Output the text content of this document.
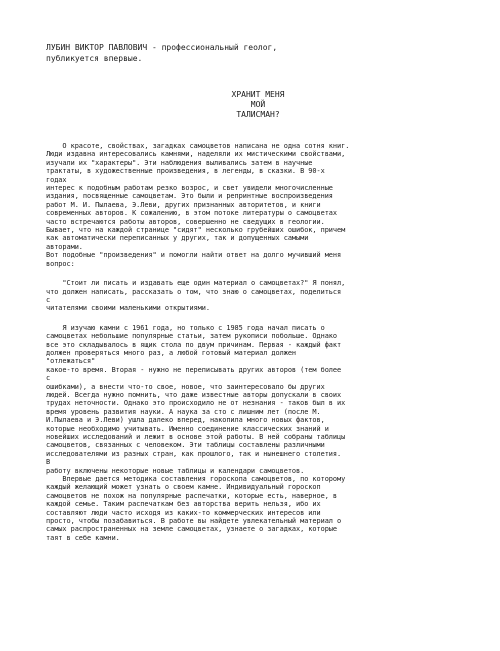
ЛУБИН ВИКТОР ПАВЛОВИЧ - профессиональный геолог,
публикуется впервые.
ХРАНИТ МЕНЯ
МОЙ
ТАЛИСМАН?
О красоте, свойствах, загадках самоцветов написана не одна сотня книг.
Люди издавна интересовались камнями, наделяли их мистическими свойствами,
изучали их "характеры". Эти наблюдения выливались затем в научные
трактаты, в художественные произведения, в легенды, в сказки. В 90-х
годах
интерес к подобным работам резко возрос, и свет увидели многочисленные
издания, посвященные самоцветам. Это были и репринтные воспроизведения
работ М. И. Пылаева, Э.Леви, других признанных авторитетов, и книги
современных авторов. К сожалению, в этом потоке литературы о самоцветах
часто встречаются работы авторов, совершенно не сведущих в геологии.
Бывает, что на каждой странице "сидят" несколько грубейших ошибок, причем
как автоматически переписанных у других, так и допущенных самыми
авторами.
Вот подобные "произведения" и помогли найти ответ на долго мучивший меня
вопрос:
"Стоит ли писать и издавать еще один материал о самоцветах?" Я понял,
что должен написать, рассказать о том, что знаю о самоцветах, поделиться
с
читателями своими маленькими открытиями.
Я изучаю камни с 1961 года, но только с 1985 года начал писать о
самоцветах небольшие популярные статьи, затем рукописи побольше. Однако
все это складывалось в ящик стола по двум причинам. Первая - каждый факт
должен проверяться много раз, а любой готовый материал должен
"отлежаться"
какое-то время. Вторая - нужно не переписывать других авторов (тем более
с
ошибками), а внести что-то свое, новое, что заинтересовало бы других
людей. Всегда нужно помнить, что даже известные авторы допускали в своих
трудах неточности. Однако это происходило не от незнания - таков был в их
время уровень развития науки. А наука за сто с лишним лет (после М.
И.Пылаева и Э.Леви) ушла далеко вперед, накопила много новых фактов,
которые необходимо учитывать. Именно соединение классических знаний и
новейших исследований и лежит в основе этой работы. В ней собраны таблицы
самоцветов, связанных с человеком. Эти таблицы составлены различными
исследователями из разных стран, как прошлого, так и нынешнего столетия.
В
работу включены некоторые новые таблицы и календари самоцветов.
Впервые дается методика составления гороскопа самоцветов, по которому
каждый желающий может узнать о своем камне. Индивидуальный гороскоп
самоцветов не похож на популярные распечатки, которые есть, наверное, в
каждой семье. Таким распечаткам без авторства верить нельзя, ибо их
составляют люди часто исходя из каких-то коммерческих интересов или
просто, чтобы позабавиться. В работе вы найдете увлекательный материал о
самых распространенных на земле самоцветах, узнаете о загадках, которые
таят в себе камни.
